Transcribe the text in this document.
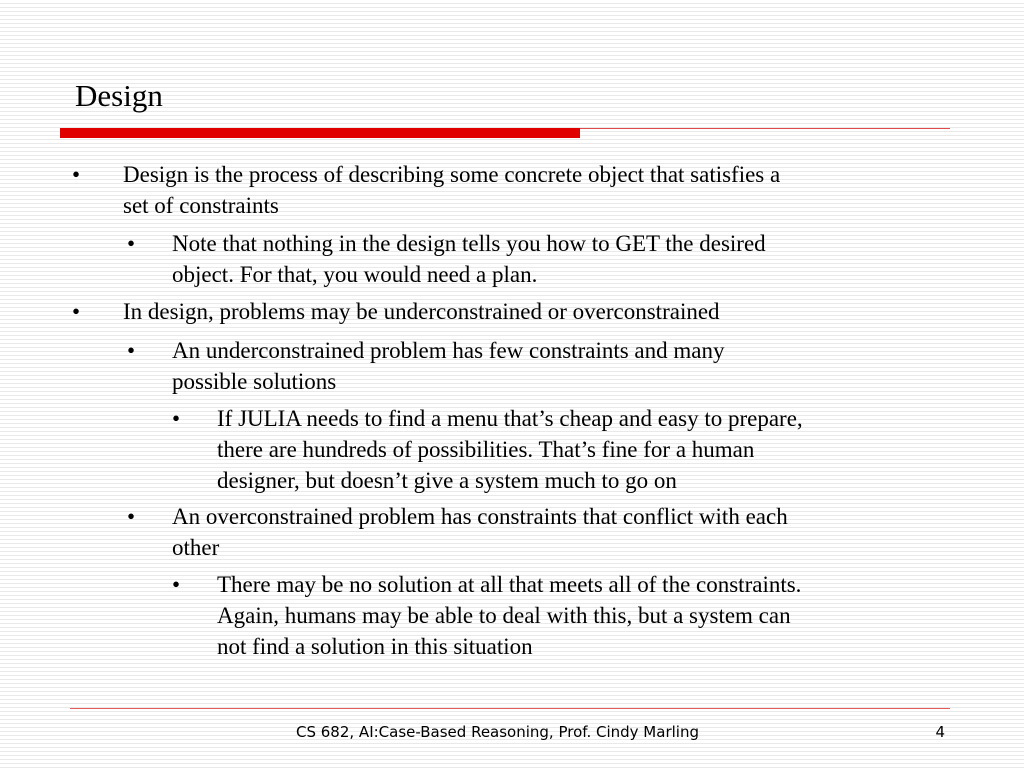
Design
• Design is the process of describing some concrete object that satisfies a
set of constraints
• Note that nothing in the design tells you how to GET the desired
object. For that, you would need a plan.
• In design, problems may be underconstrained or overconstrained
• An underconstrained problem has few constraints and many
possible solutions
• If JULIA needs to find a menu that’s cheap and easy to prepare,
there are hundreds of possibilities. That’s fine for a human
designer, but doesn’t give a system much to go on
• An overconstrained problem has constraints that conflict with each
other
• There may be no solution at all that meets all of the constraints.
Again, humans may be able to deal with this, but a system can
not find a solution in this situation
CS 682, AI:Case-Based Reasoning, Prof. Cindy Marling	4
